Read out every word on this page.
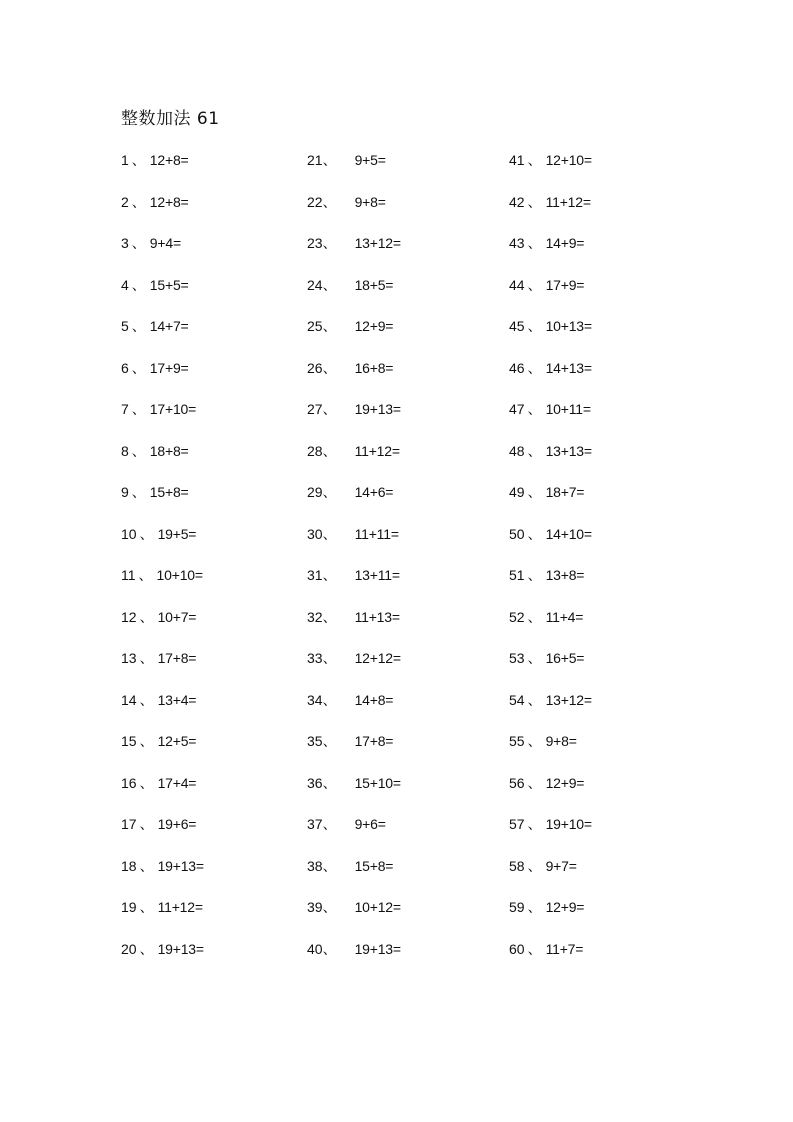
整数加法 61
1 、 12+8=
2 、 12+8=
3 、 9+4=
4 、 15+5=
5 、 14+7=
6 、 17+9=
7 、 17+10=
8 、 18+8=
9 、 15+8=
10 、 19+5=
11 、 10+10=
12 、 10+7=
13 、 17+8=
14 、 13+4=
15 、 12+5=
16 、 17+4=
17 、 19+6=
18 、 19+13=
19 、 11+12=
20 、 19+13=
21 、 9+5=
22 、 9+8=
23 、 13+12=
24 、 18+5=
25 、 12+9=
26 、 16+8=
27 、 19+13=
28 、 11+12=
29 、 14+6=
30 、 11+11=
31 、 13+11=
32 、 11+13=
33 、 12+12=
34 、 14+8=
35 、 17+8=
36 、 15+10=
37 、 9+6=
38 、 15+8=
39 、 10+12=
40 、 19+13=
41 、 12+10=
42 、 11+12=
43 、 14+9=
44 、 17+9=
45 、 10+13=
46 、 14+13=
47 、 10+11=
48 、 13+13=
49 、 18+7=
50 、 14+10=
51 、 13+8=
52 、 11+4=
53 、 16+5=
54 、 13+12=
55 、 9+8=
56 、 12+9=
57 、 19+10=
58 、 9+7=
59 、 12+9=
60 、 11+7=
